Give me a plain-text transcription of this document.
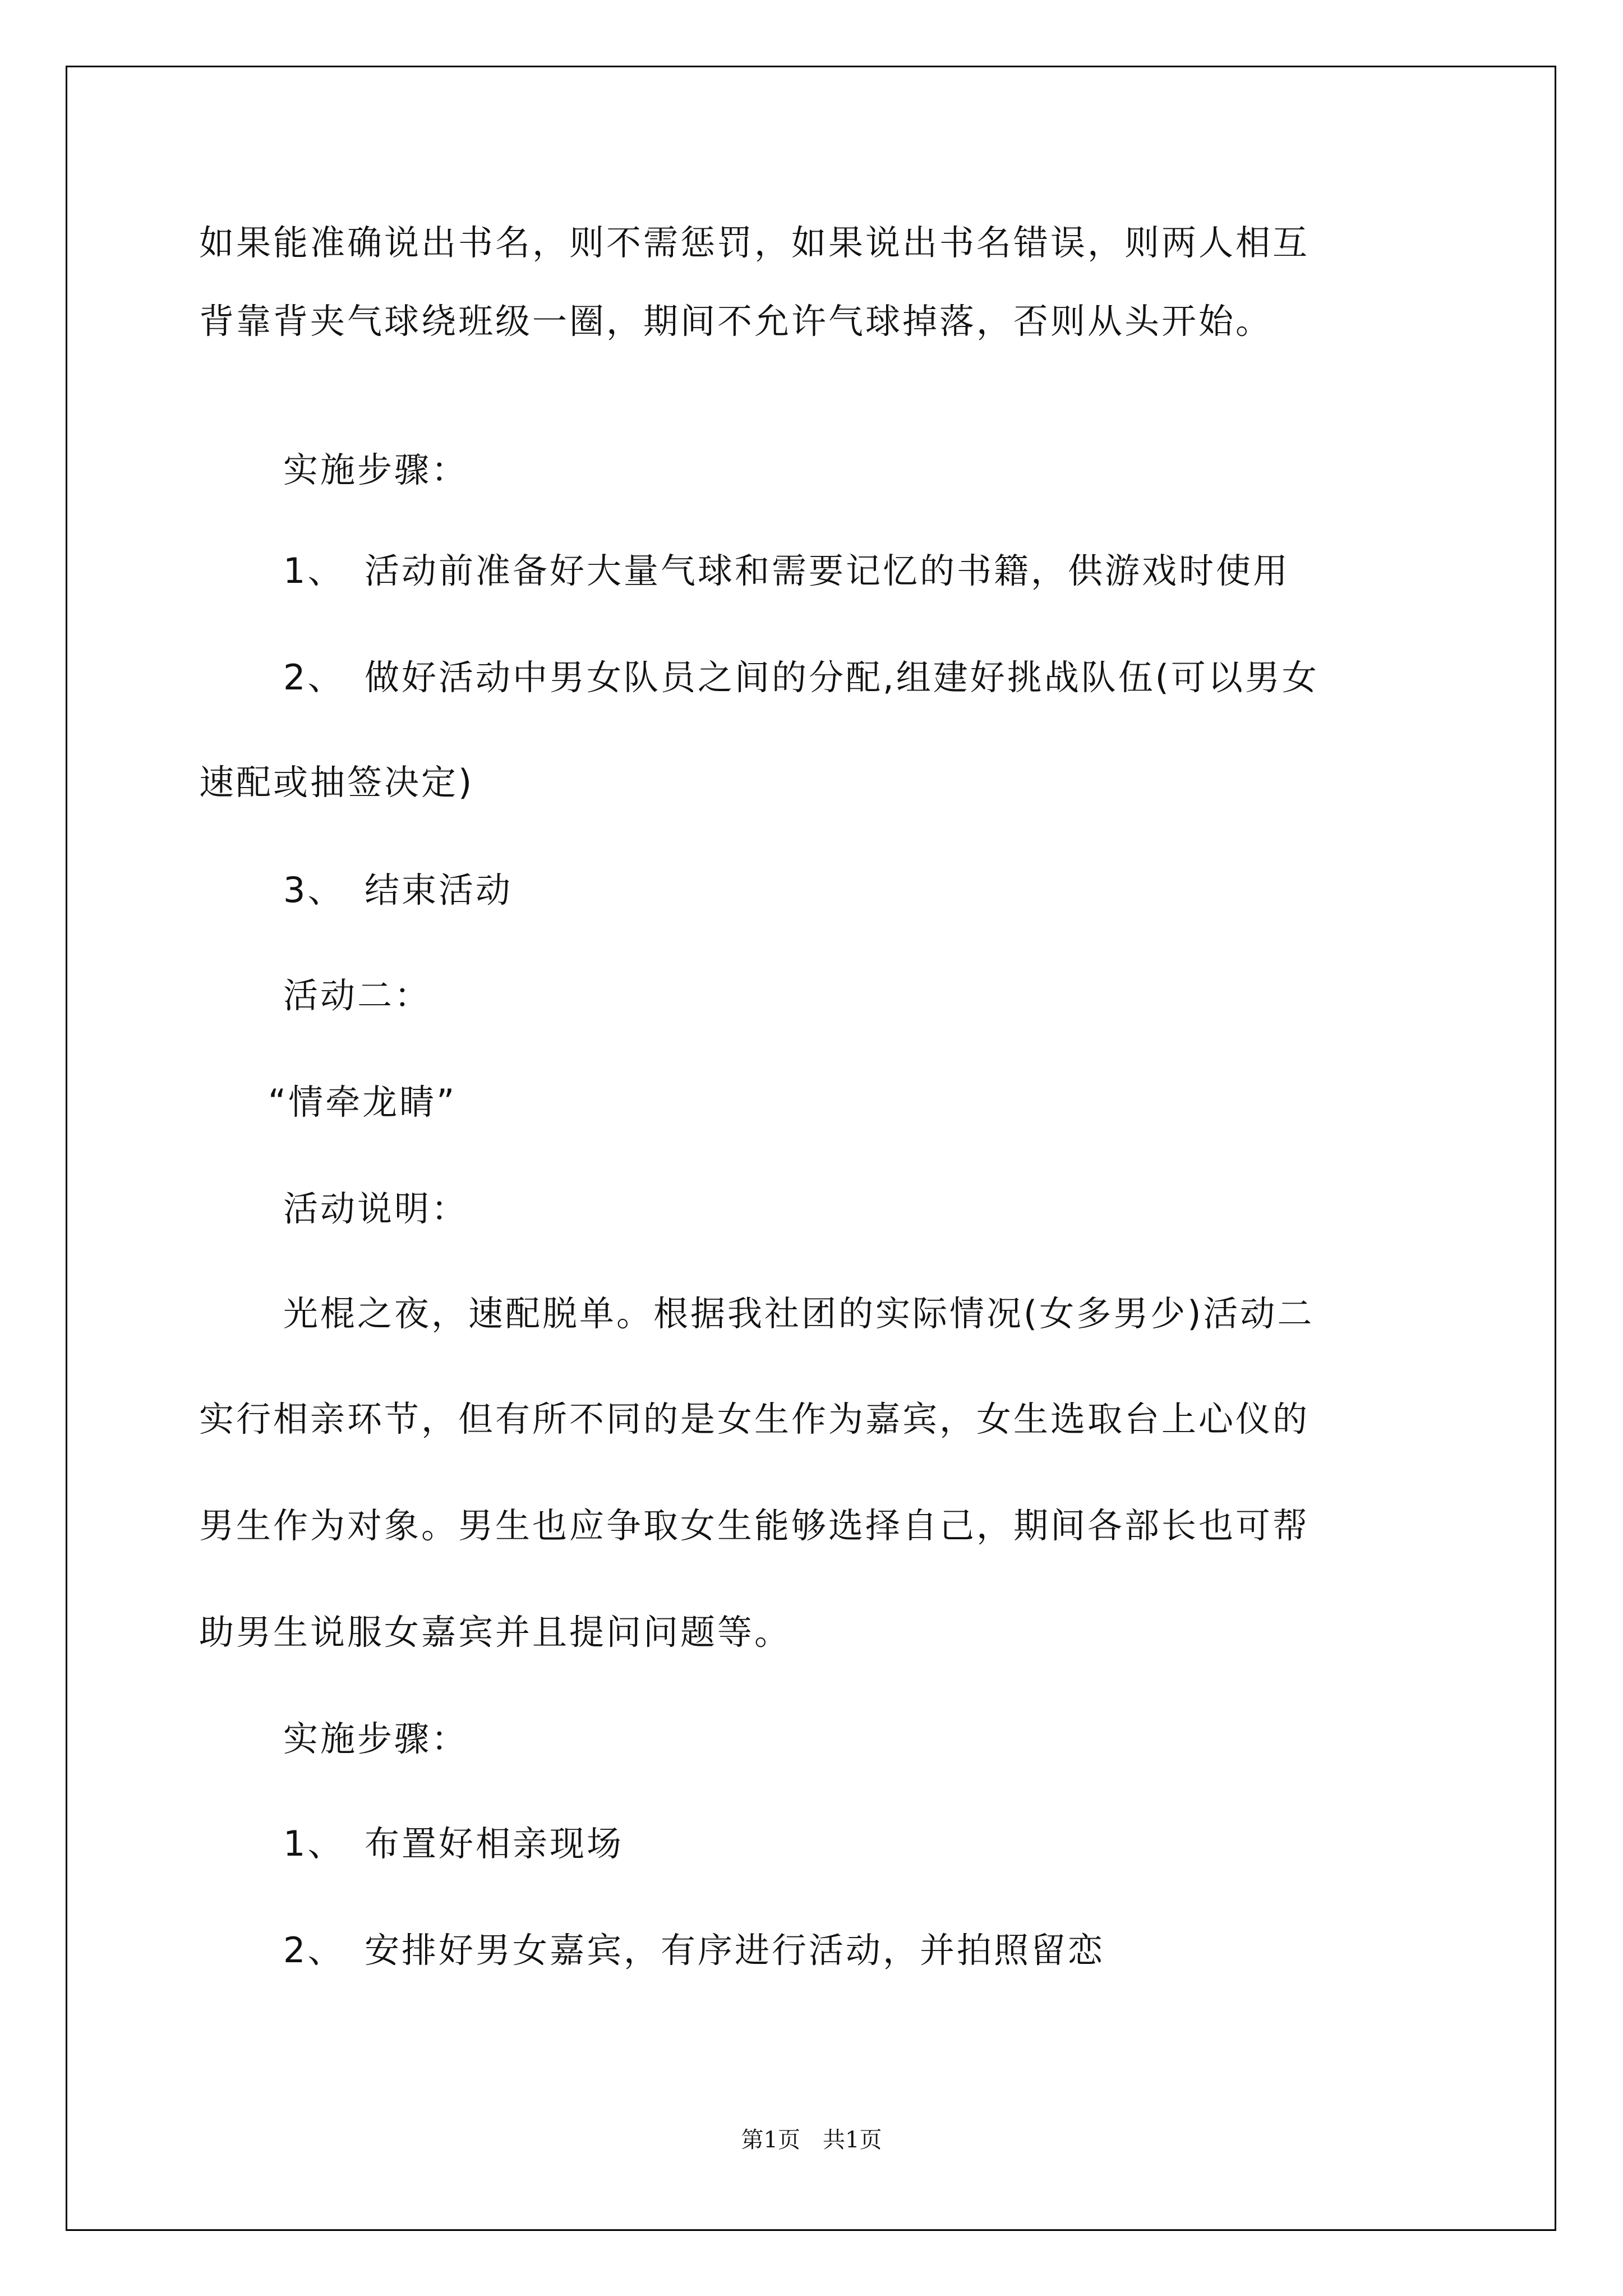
如果能准确说出书名，则不需惩罚，如果说出书名错误，则两人相互
背靠背夹气球绕班级一圈，期间不允许气球掉落，否则从头开始。
实施步骤：
1、 活动前准备好大量气球和需要记忆的书籍，供游戏时使用
2、 做好活动中男女队员之间的分配,组建好挑战队伍(可以男女
速配或抽签决定)
3、 结束活动
活动二：
“情牵龙睛”
活动说明：
光棍之夜，速配脱单。根据我社团的实际情况(女多男少)活动二
实行相亲环节，但有所不同的是女生作为嘉宾，女生选取台上心仪的
男生作为对象。男生也应争取女生能够选择自己，期间各部长也可帮
助男生说服女嘉宾并且提问问题等。
实施步骤：
1、 布置好相亲现场
2、 安排好男女嘉宾，有序进行活动，并拍照留恋
第1页　共1页
